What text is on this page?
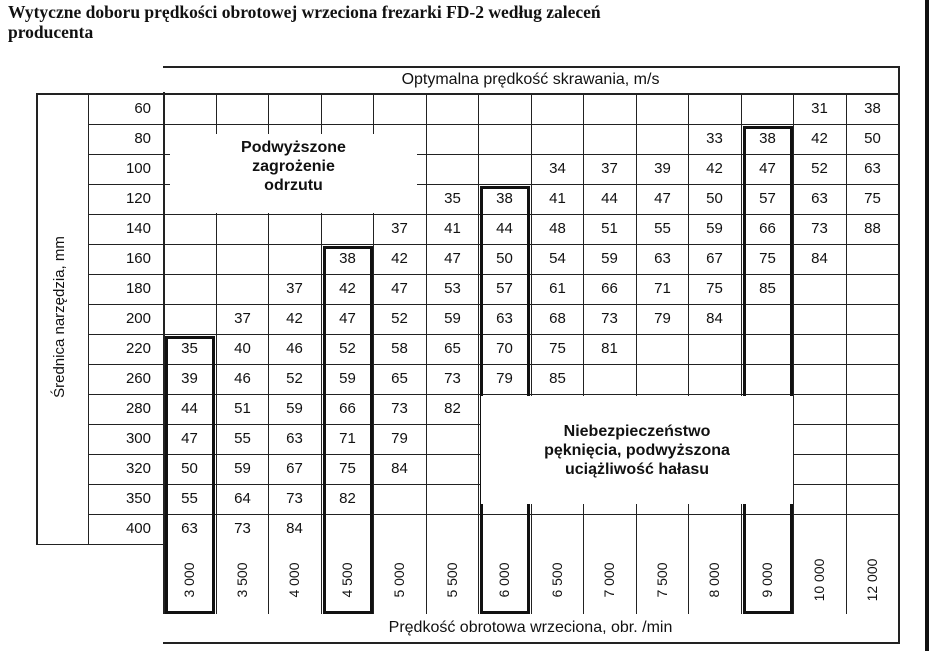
Wytyczne doboru prędkości obrotowej wrzeciona frezarki FD-2 według zaleceń
producenta
84
73
63
82
73
64
55
84
75
67
59
50
79
71
63
55
47
82
73
66
59
51
44
85
79
73
65
59
52
46
39
81
75
70
65
58
52
46
40
35
84
79
73
68
63
59
52
47
42
37
85
75
71
66
61
57
53
47
42
37
84
75
67
63
59
54
50
47
42
38
88
73
66
59
55
51
48
44
41
37
75
63
57
50
47
44
41
38
35
63
52
47
42
39
37
34
50
42
38
33
38
31
12 000
10 000
9 000
8 000
7 500
7 000
6 500
6 000
5 500
5 000
4 500
4 000
3 500
3 000
400
350
320
300
280
260
220
200
180
160
140
120
100
80
60
Optymalna prędkość skrawania, m/s
Prędkość obrotowa wrzeciona, obr. /min
Średnica narzędzia, mm
Podwyższone
zagrożenie
odrzutu
Niebezpieczeństwo
pęknięcia, podwyższona
uciążliwość hałasu
